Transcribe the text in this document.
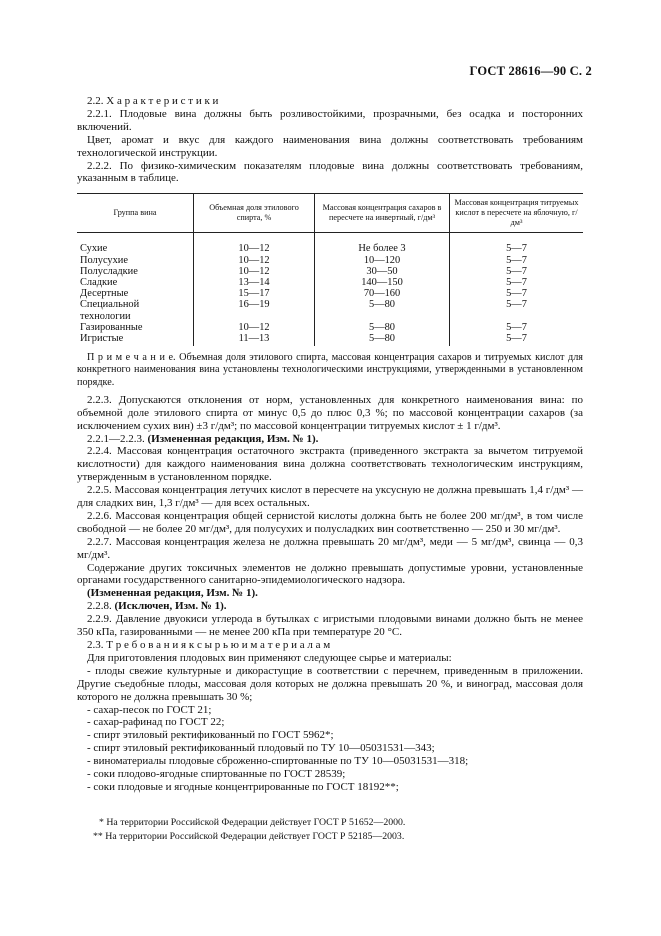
ГОСТ 28616—90 С. 2

2.2. Х а р а к т е р и с т и к и

2.2.1. Плодовые вина должны быть розливостойкими, прозрачными, без осадка и посторонних включений.

Цвет, аромат и вкус для каждого наименования вина должны соответствовать требованиям технологической инструкции.

2.2.2. По физико-химическим показателям плодовые вина должны соответствовать требованиям, указанным в таблице.

Группа вина	Объемная доля этилового спирта, %	Массовая концентрация сахаров в пересчете на инвертный, г/дм³	Массовая концентрация титруемых кислот в пересчете на яблочную, г/дм³
Сухие	10—12	Не более 3	5—7
Полусухие	10—12	10—120	5—7
Полусладкие	10—12	30—50	5—7
Сладкие	13—14	140—150	5—7
Десертные	15—17	70—160	5—7
Специальной технологии	16—19	5—80	5—7
Газированные	10—12	5—80	5—7
Игристые	11—13	5—80	5—7

П р и м е ч а н и е. Объемная доля этилового спирта, массовая концентрация сахаров и титруемых кислот для конкретного наименования вина установлены технологическими инструкциями, утвержденными в установленном порядке.

2.2.3. Допускаются отклонения от норм, установленных для конкретного наименования вина: по объемной доле этилового спирта от минус 0,5 до плюс 0,3 %; по массовой концентрации сахаров (за исключением сухих вин) ±3 г/дм³; по массовой концентрации титруемых кислот ± 1 г/дм³.

2.2.1—2.2.3. (Измененная редакция, Изм. № 1).

2.2.4. Массовая концентрация остаточного экстракта (приведенного экстракта за вычетом титруемой кислотности) для каждого наименования вина должна соответствовать технологическим инструкциям, утвержденным в установленном порядке.

2.2.5. Массовая концентрация летучих кислот в пересчете на уксусную не должна превышать 1,4 г/дм³ — для сладких вин, 1,3 г/дм³ — для всех остальных.

2.2.6. Массовая концентрация общей сернистой кислоты должна быть не более 200 мг/дм³, в том числе свободной — не более 20 мг/дм³, для полусухих и полусладких вин соответственно — 250 и 30 мг/дм³.

2.2.7. Массовая концентрация железа не должна превышать 20 мг/дм³, меди — 5 мг/дм³, свинца — 0,3 мг/дм³.

Содержание других токсичных элементов не должно превышать допустимые уровни, установленные органами государственного санитарно-эпидемиологического надзора.

(Измененная редакция, Изм. № 1).

2.2.8. (Исключен, Изм. № 1).

2.2.9. Давление двуокиси углерода в бутылках с игристыми плодовыми винами должно быть не менее 350 кПа, газированными — не менее 200 кПа при температуре 20 °С.

2.3. Т р е б о в а н и я к с ы р ь ю и м а т е р и а л а м

Для приготовления плодовых вин применяют следующее сырье и материалы:

- плоды свежие культурные и дикорастущие в соответствии с перечнем, приведенным в приложении. Другие съедобные плоды, массовая доля которых не должна превышать 20 %, и виноград, массовая доля которого не должна превышать 30 %;

- сахар-песок по ГОСТ 21;

- сахар-рафинад по ГОСТ 22;

- спирт этиловый ректификованный по ГОСТ 5962*;

- спирт этиловый ректификованный плодовый по ТУ 10—05031531—343;

- виноматериалы плодовые сброженно-спиртованные по ТУ 10—05031531—318;

- соки плодово-ягодные спиртованные по ГОСТ 28539;

- соки плодовые и ягодные концентрированные по ГОСТ 18192**;

* На территории Российской Федерации действует ГОСТ Р 51652—2000.
** На территории Российской Федерации действует ГОСТ Р 52185—2003.
